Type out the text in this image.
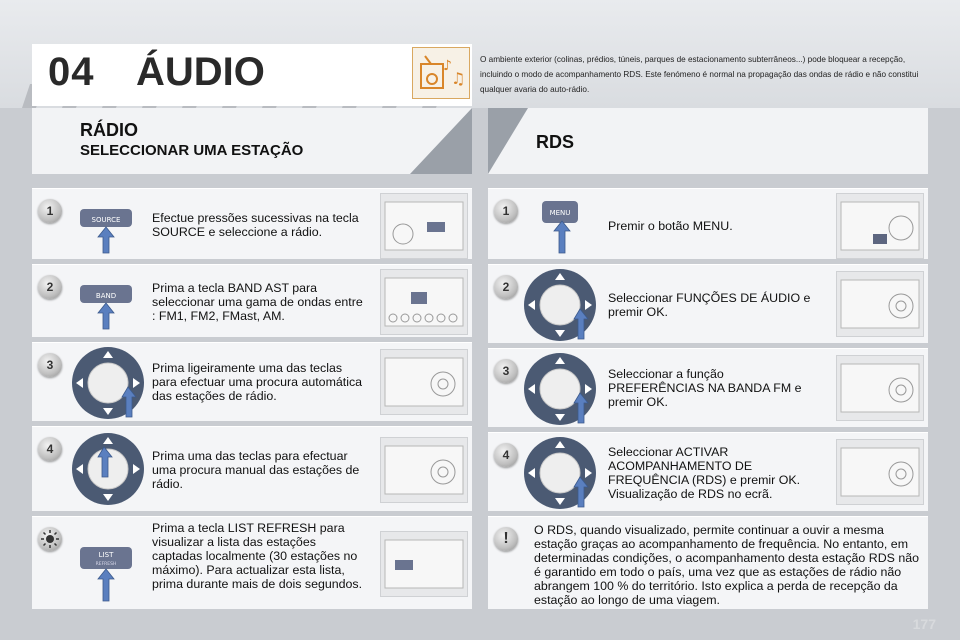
04 ÁUDIO	♪
♫
O ambiente exterior (colinas, prédios, túneis, parques de estacionamento subterrâneos...) pode bloquear a recepção, incluindo o modo de acompanhamento RDS. Este fenómeno é normal na propagação das ondas de rádio e não constitui qualquer avaria do auto-rádio.
RÁDIO
SELECCIONAR UMA ESTAÇÃO	RDS
1
SOURCE	Efectue pressões sucessivas na tecla SOURCE e seleccione a rádio.
2
BAND
Prima a tecla BAND AST para seleccionar uma gama de ondas entre : FM1, FM2, FMast, AM.
3	Prima ligeiramente uma das teclas para efectuar uma procura automática das estações de rádio.
4	Prima uma das teclas para efectuar uma procura manual das estações de rádio.
LIST
REFRESH
Prima a tecla LIST REFRESH para visualizar a lista das estações captadas localmente (30 estações no máximo). Para actualizar esta lista, prima durante mais de dois segundos.
1	MENU
Premir o botão MENU.
2
Seleccionar FUNÇÕES DE ÁUDIO e premir OK.
3	Seleccionar a função PREFERÊNCIAS NA BANDA FM e premir OK.
4	Seleccionar ACTIVAR ACOMPANHAMENTO DE FREQUÊNCIA (RDS) e premir OK. Visualização de RDS no ecrã.
!	O RDS, quando visualizado, permite continuar a ouvir a mesma estação graças ao acompanhamento de frequência. No entanto, em determinadas condições, o acompanhamento desta estação RDS não é garantido em todo o país, uma vez que as estações de rádio não abrangem 100 % do território. Isto explica a perda de recepção da estação ao longo de uma viagem.
177
